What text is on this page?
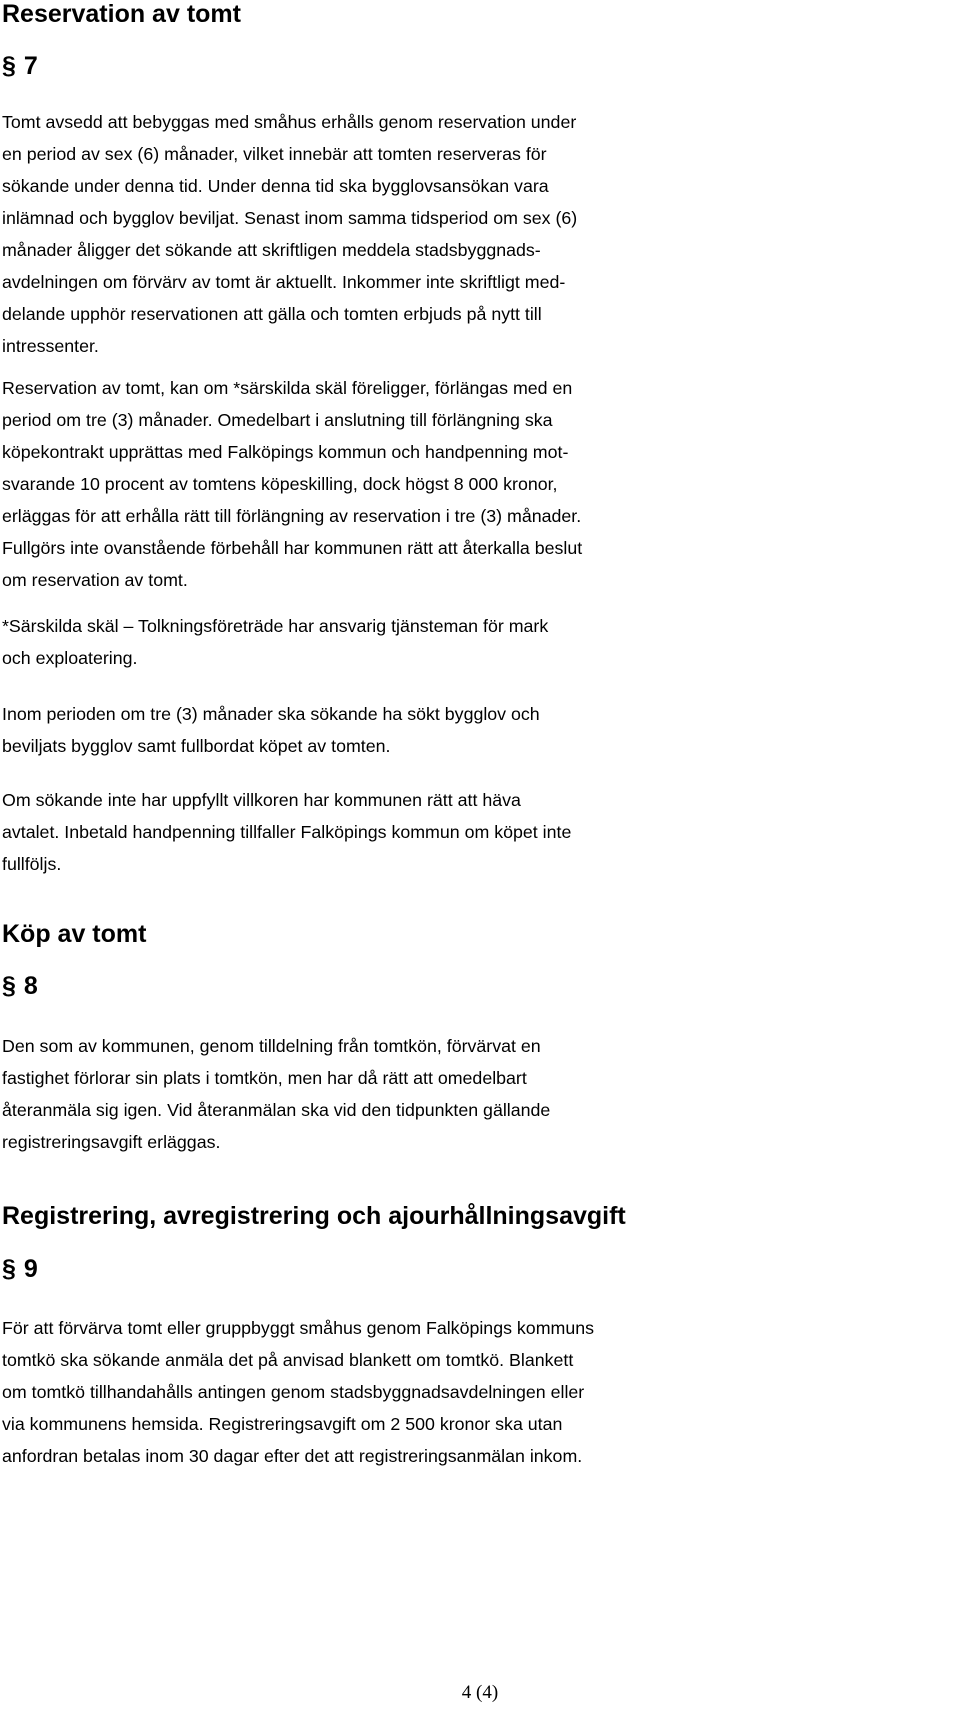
Reservation av tomt
§ 7
Tomt avsedd att bebyggas med småhus erhålls genom reservation under
en period av sex (6) månader, vilket innebär att tomten reserveras för
sökande under denna tid. Under denna tid ska bygglovsansökan vara
inlämnad och bygglov beviljat. Senast inom samma tidsperiod om sex (6)
månader åligger det sökande att skriftligen meddela stadsbyggnads-
avdelningen om förvärv av tomt är aktuellt. Inkommer inte skriftligt med-
delande upphör reservationen att gälla och tomten erbjuds på nytt till
intressenter.
Reservation av tomt, kan om *särskilda skäl föreligger, förlängas med en
period om tre (3) månader. Omedelbart i anslutning till förlängning ska
köpekontrakt upprättas med Falköpings kommun och handpenning mot-
svarande 10 procent av tomtens köpeskilling, dock högst 8 000 kronor,
erläggas för att erhålla rätt till förlängning av reservation i tre (3) månader.
Fullgörs inte ovanstående förbehåll har kommunen rätt att återkalla beslut
om reservation av tomt.
*Särskilda skäl – Tolkningsföreträde har ansvarig tjänsteman för mark
och exploatering.
Inom perioden om tre (3) månader ska sökande ha sökt bygglov och
beviljats bygglov samt fullbordat köpet av tomten.
Om sökande inte har uppfyllt villkoren har kommunen rätt att häva
avtalet. Inbetald handpenning tillfaller Falköpings kommun om köpet inte
fullföljs.
Köp av tomt
§ 8
Den som av kommunen, genom tilldelning från tomtkön, förvärvat en
fastighet förlorar sin plats i tomtkön, men har då rätt att omedelbart
återanmäla sig igen. Vid återanmälan ska vid den tidpunkten gällande
registreringsavgift erläggas.
Registrering, avregistrering och ajourhållningsavgift
§ 9
För att förvärva tomt eller gruppbyggt småhus genom Falköpings kommuns
tomtkö ska sökande anmäla det på anvisad blankett om tomtkö. Blankett
om tomtkö tillhandahålls antingen genom stadsbyggnadsavdelningen eller
via kommunens hemsida. Registreringsavgift om 2 500 kronor ska utan
anfordran betalas inom 30 dagar efter det att registreringsanmälan inkom.
4 (4)
